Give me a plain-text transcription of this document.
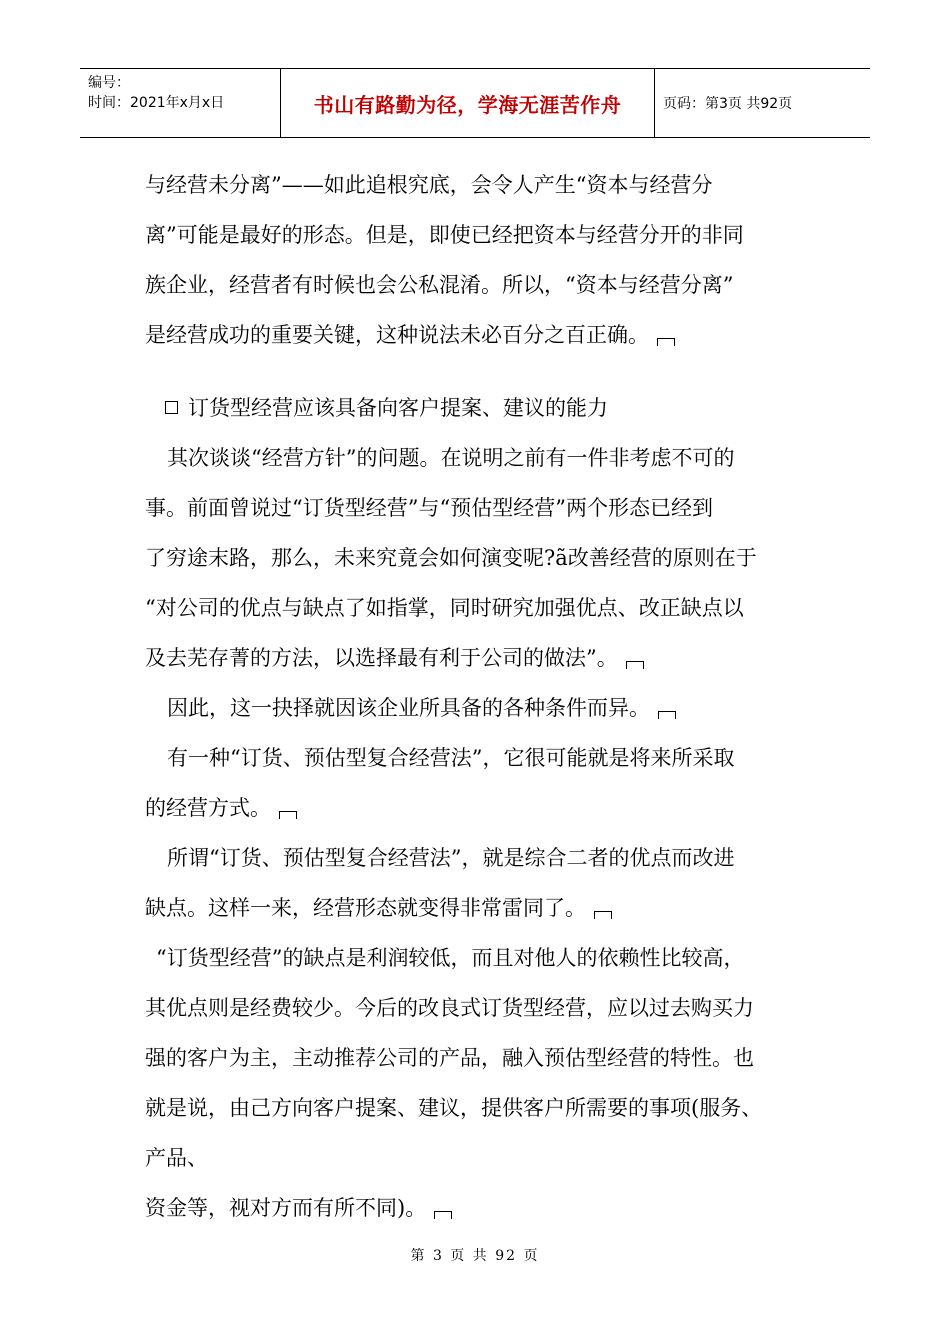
编号：
时间：2021年x月x日	书山有路勤为径，学海无涯苦作舟	页码：第3页 共92页
与经营未分离”——如此追根究底，会令人产生“资本与经营分
离”可能是最好的形态。但是，即使已经把资本与经营分开的非同
族企业，经营者有时候也会公私混淆。所以，“资本与经营分离”
是经营成功的重要关键，这种说法未必百分之百正确。
订货型经营应该具备向客户提案、建议的能力
其次谈谈“经营方针”的问题。在说明之前有一件非考虑不可的
事。前面曾说过“订货型经营”与“预估型经营”两个形态已经到
了穷途末路，那么，未来究竟会如何演变呢?ã改善经营的原则在于
“对公司的优点与缺点了如指掌，同时研究加强优点、改正缺点以
及去芜存菁的方法，以选择最有利于公司的做法”。
因此，这一抉择就因该企业所具备的各种条件而异。
有一种“订货、预估型复合经营法”，它很可能就是将来所采取
的经营方式。
所谓“订货、预估型复合经营法”，就是综合二者的优点而改进
缺点。这样一来，经营形态就变得非常雷同了。
“订货型经营”的缺点是利润较低，而且对他人的依赖性比较高，
其优点则是经费较少。今后的改良式订货型经营，应以过去购买力
强的客户为主，主动推荐公司的产品，融入预估型经营的特性。也
就是说，由己方向客户提案、建议，提供客户所需要的事项(服务、
产品、
资金等，视对方而有所不同)。
第 3 页 共 92 页
